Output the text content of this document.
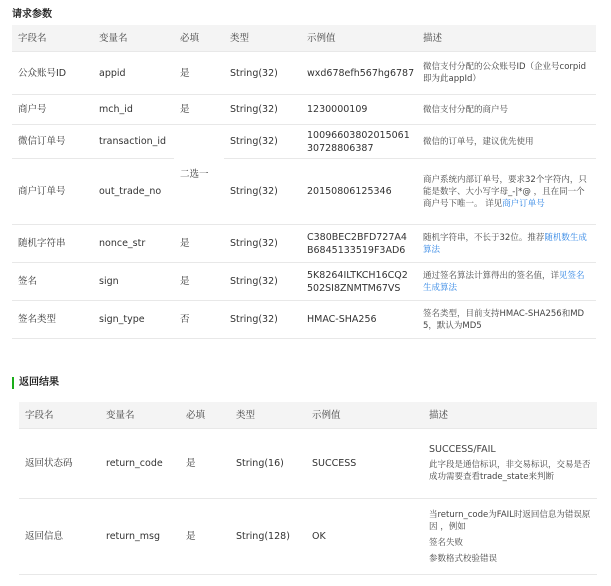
请求参数
字段名	变量名	必填	类型	示例值	描述
公众账号ID	appid	是	String(32)	wxd678efh567hg6787	微信支付分配的公众账号ID（企业号corpid即为此appId）

商户号	mch_id	是	String(32)	1230000109	微信支付分配的商户号
微信订单号	transaction_id	二选一	String(32)	1009660380201506130728806387	微信的订单号，建议优先使用
商户订单号	out_trade_no		String(32)	20150806125346	商户系统内部订单号，要求32个字符内，只能是数字、大小写字母_-|*@ ，且在同一个商户号下唯一。 详见商户订单号

随机字符串	nonce_str	是	String(32)	C380BEC2BFD727A4B6845133519F3AD6	随机字符串，不长于32位。推荐随机数生成算法

签名	sign	是	String(32)	5K8264ILTKCH16CQ2502SI8ZNMTM67VS	通过签名算法计算得出的签名值，详见签名生成算法

签名类型	sign_type	否	String(32)	HMAC-SHA256	签名类型，目前支持HMAC-SHA256和MD5，默认为MD5
返回结果
字段名	变量名	必填	类型	示例值	描述
返回状态码	return_code	是	String(16)	SUCCESS	SUCCESS/FAIL
此字段是通信标识，非交易标识，交易是否成功需要查看trade_state来判断

返回信息	return_msg	是	String(128)	OK	当return_code为FAIL时返回信息为错误原因 ，例如
签名失败
参数格式校验错误
